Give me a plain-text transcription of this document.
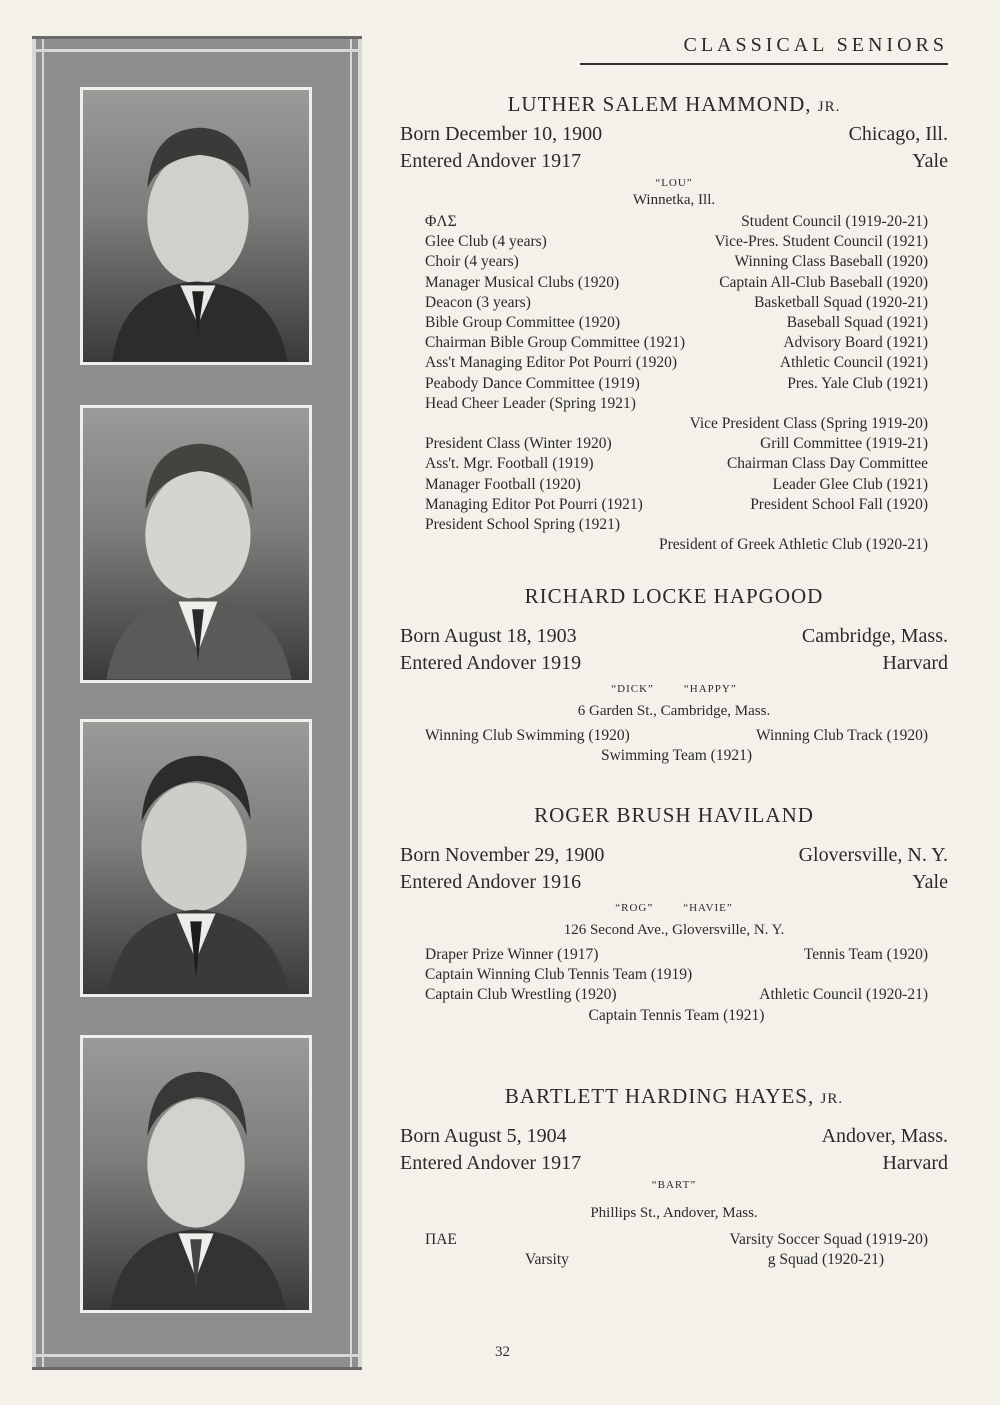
CLASSICAL SENIORS
LUTHER SALEM HAMMOND, JR.
Born December 10, 1900	Chicago, Ill.
Entered Andover 1917	Yale
“LOU”
Winnetka, Ill.
ΦΛΣ	Student Council (1919-20-21)
Glee Club (4 years)	Vice-Pres. Student Council (1921)
Choir (4 years)	Winning Class Baseball (1920)
Manager Musical Clubs (1920)	Captain All-Club Baseball (1920)
Deacon (3 years)	Basketball Squad (1920-21)
Bible Group Committee (1920)	Baseball Squad (1921)
Chairman Bible Group Committee (1921)	Advisory Board (1921)
Ass't Managing Editor Pot Pourri (1920)	Athletic Council (1921)
Peabody Dance Committee (1919)	Pres. Yale Club (1921)
Head Cheer Leader (Spring 1921)
Vice President Class (Spring 1919-20)
President Class (Winter 1920)	Grill Committee (1919-21)
Ass't. Mgr. Football (1919)	Chairman Class Day Committee
Manager Football (1920)	Leader Glee Club (1921)
Managing Editor Pot Pourri (1921)	President School Fall (1920)
President School Spring (1921)
President of Greek Athletic Club (1920-21)
RICHARD LOCKE HAPGOOD
Born August 18, 1903	Cambridge, Mass.
Entered Andover 1919	Harvard
“DICK”	“HAPPY”
6 Garden St., Cambridge, Mass.
Winning Club Swimming (1920)	Winning Club Track (1920)
Swimming Team (1921)
ROGER BRUSH HAVILAND
Born November 29, 1900	Gloversville, N. Y.
Entered Andover 1916	Yale
“ROG”	“HAVIE”
126 Second Ave., Gloversville, N. Y.
Draper Prize Winner (1917)	Tennis Team (1920)
Captain Winning Club Tennis Team (1919)
Captain Club Wrestling (1920)	Athletic Council (1920-21)
Captain Tennis Team (1921)
BARTLETT HARDING HAYES, JR.
Born August 5, 1904	Andover, Mass.
Entered Andover 1917	Harvard
“BART”
Phillips St., Andover, Mass.
ΠΑΕ	Varsity Soccer Squad (1919-20)
Varsity	g Squad (1920-21)
32
